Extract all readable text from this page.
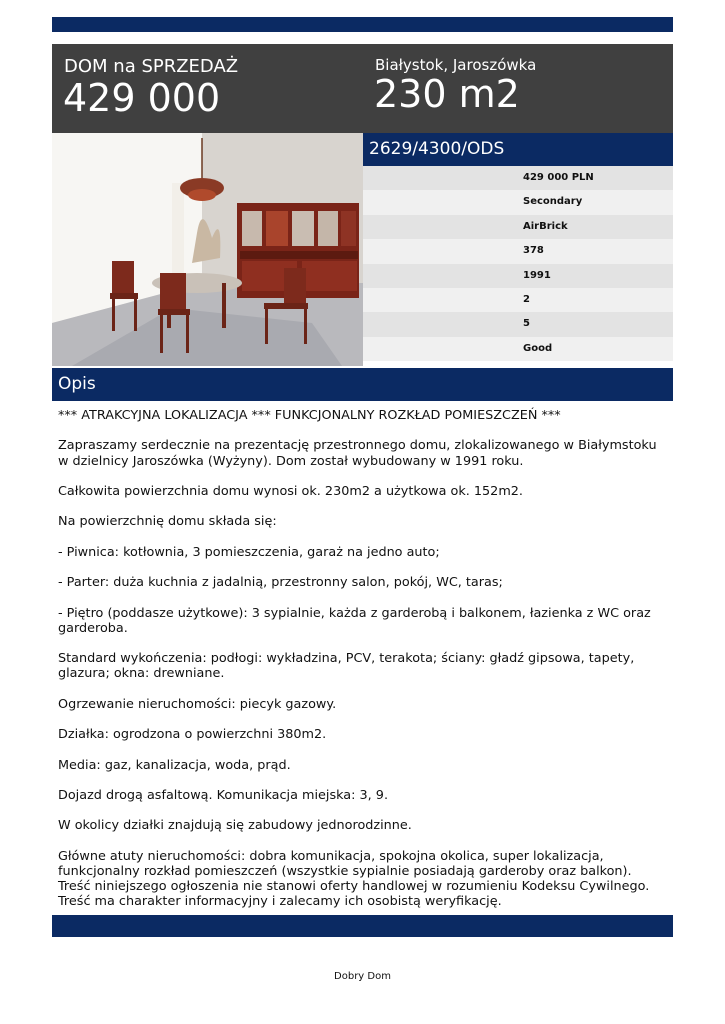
DOM na SPRZEDAŻ
429 000
Białystok, Jaroszówka
230 m2
2629/4300/ODS
429 000 PLN
Secondary
AirBrick
378
1991
2
5
Good
Opis

*** ATRAKCYJNA LOKALIZACJA *** FUNKCJONALNY ROZKŁAD POMIESZCZEŃ ***

Zapraszamy serdecznie na prezentację przestronnego domu, zlokalizowanego w Białymstoku w dzielnicy Jaroszówka (Wyżyny). Dom został wybudowany w 1991 roku.

Całkowita powierzchnia domu wynosi ok. 230m2 a użytkowa ok. 152m2.

Na powierzchnię domu składa się:

- Piwnica: kotłownia, 3 pomieszczenia, garaż na jedno auto;

- Parter: duża kuchnia z jadalnią, przestronny salon, pokój, WC, taras;

- Piętro (poddasze użytkowe): 3 sypialnie, każda z garderobą i balkonem, łazienka z WC oraz garderoba.

Standard wykończenia: podłogi: wykładzina, PCV, terakota; ściany: gładź gipsowa, tapety, glazura; okna: drewniane.

Ogrzewanie nieruchomości: piecyk gazowy.

Działka: ogrodzona o powierzchni 380m2.

Media: gaz, kanalizacja, woda, prąd.

Dojazd drogą asfaltową. Komunikacja miejska: 3, 9.

W okolicy działki znajdują się zabudowy jednorodzinne.

Główne atuty nieruchomości: dobra komunikacja, spokojna okolica, super lokalizacja, funkcjonalny rozkład pomieszczeń (wszystkie sypialnie posiadają garderoby oraz balkon).

Treść niniejszego ogłoszenia nie stanowi oferty handlowej w rozumieniu Kodeksu Cywilnego. Treść ma charakter informacyjny i zalecamy ich osobistą weryfikację.

Dobry Dom
